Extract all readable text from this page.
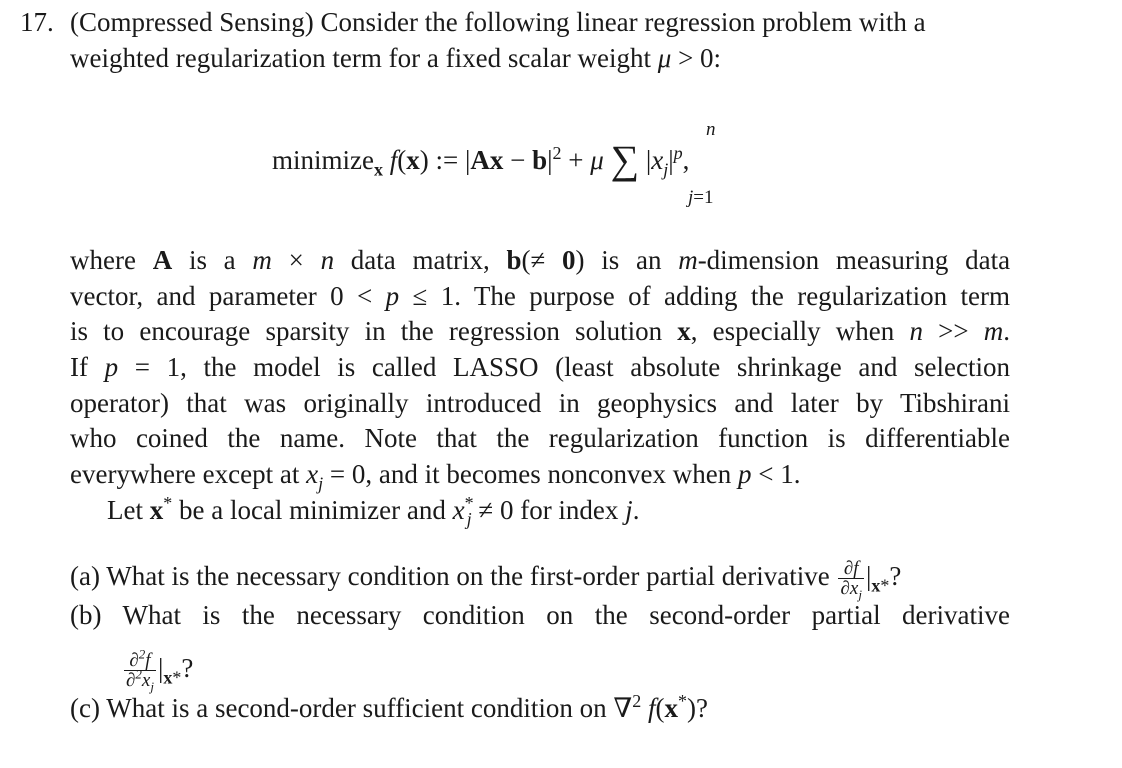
17. (Compressed Sensing) Consider the following linear regression problem with a
weighted regularization term for a fixed scalar weight μ > 0:
n
minimize$_x$ f(x) := $|Ax - b|^2 + \mu$ ∑ $|x_j|^p$,
j=1
where A is a m × n data matrix, b(≠ 0) is an m-dimension measuring data
vector, and parameter 0 < p ≤ 1. The purpose of adding the regularization term
is to encourage sparsity in the regression solution x, especially when n >> m.
If p = 1, the model is called LASSO (least absolute shrinkage and selection
operator) that was originally introduced in geophysics and later by Tibshirani
who coined the name. Note that the regularization function is differentiable
everywhere except at $x_j = 0$, and it becomes nonconvex when p < 1.
Let x* be a local minimizer and $x^*_j \ne 0$ for index j.
(a) What is the necessary condition on the first-order partial derivative $\frac{\partial f}{\partial x_j} |_{x*}$?
(b) What is the necessary condition on the second-order partial derivative
$\frac{\partial^2f}{\partial^2x_j} |_{x*}$?
(c) What is a second-order sufficient condition on ∇$^2$ f(x*)?
